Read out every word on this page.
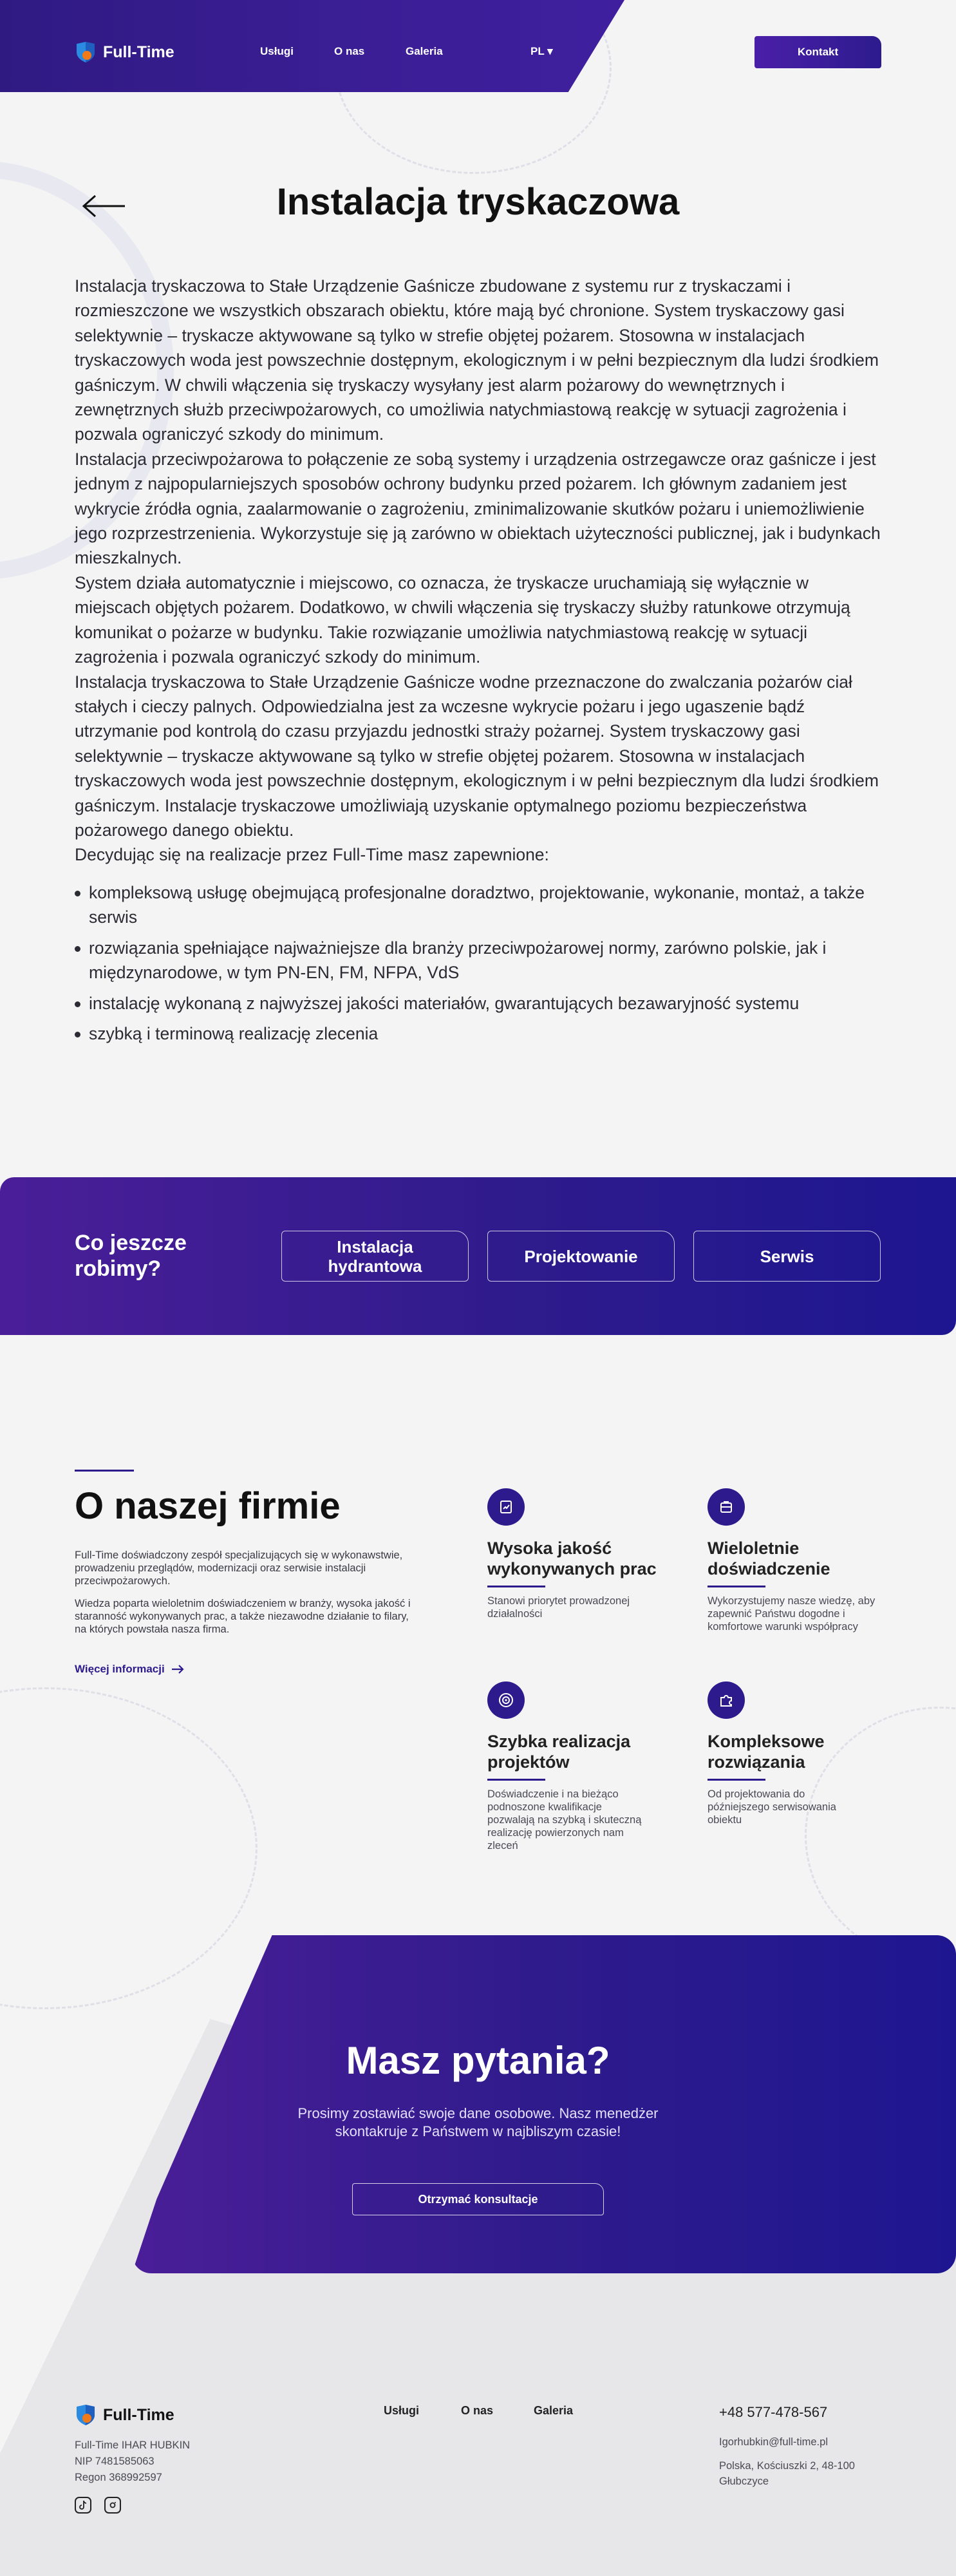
Full-Time	Usługi	O nas	Galeria	PL ▾	Kontakt
Instalacja tryskaczowa

Instalacja tryskaczowa to Stałe Urządzenie Gaśnicze zbudowane z systemu rur z tryskaczami i rozmieszczone we wszystkich obszarach obiektu, które mają być chronione. System tryskaczowy gasi selektywnie – tryskacze aktywowane są tylko w strefie objętej pożarem. Stosowna w instalacjach tryskaczowych woda jest powszechnie dostępnym, ekologicznym i w pełni bezpiecznym dla ludzi środkiem gaśniczym. W chwili włączenia się tryskaczy wysyłany jest alarm pożarowy do wewnętrznych i zewnętrznych służb przeciwpożarowych, co umożliwia natychmiastową reakcję w sytuacji zagrożenia i pozwala ograniczyć szkody do minimum.

Instalacja przeciwpożarowa to połączenie ze sobą systemy i urządzenia ostrzegawcze oraz gaśnicze i jest jednym z najpopularniejszych sposobów ochrony budynku przed pożarem. Ich głównym zadaniem jest wykrycie źródła ognia, zaalarmowanie o zagrożeniu, zminimalizowanie skutków pożaru i uniemożliwienie jego rozprzestrzenienia. Wykorzystuje się ją zarówno w obiektach użyteczności publicznej, jak i budynkach mieszkalnych.

System działa automatycznie i miejscowo, co oznacza, że tryskacze uruchamiają się wyłącznie w miejscach objętych pożarem. Dodatkowo, w chwili włączenia się tryskaczy służby ratunkowe otrzymują komunikat o pożarze w budynku. Takie rozwiązanie umożliwia natychmiastową reakcję w sytuacji zagrożenia i pozwala ograniczyć szkody do minimum.

Instalacja tryskaczowa to Stałe Urządzenie Gaśnicze wodne przeznaczone do zwalczania pożarów ciał stałych i cieczy palnych. Odpowiedzialna jest za wczesne wykrycie pożaru i jego ugaszenie bądź utrzymanie pod kontrolą do czasu przyjazdu jednostki straży pożarnej. System tryskaczowy gasi selektywnie – tryskacze aktywowane są tylko w strefie objętej pożarem. Stosowna w instalacjach tryskaczowych woda jest powszechnie dostępnym, ekologicznym i w pełni bezpiecznym dla ludzi środkiem gaśniczym. Instalacje tryskaczowe umożliwiają uzyskanie optymalnego poziomu bezpieczeństwa pożarowego danego obiektu.

Decydując się na realizacje przez Full-Time masz zapewnione:

kompleksową usługę obejmującą profesjonalne doradztwo, projektowanie, wykonanie, montaż, a także serwis
rozwiązania spełniające najważniejsze dla branży przeciwpożarowej normy, zarówno polskie, jak i międzynarodowe, w tym PN-EN, FM, NFPA, VdS
instalację wykonaną z najwyższej jakości materiałów, gwarantujących bezawaryjność systemu
szybką i terminową realizację zlecenia
Co jeszcze robimy?
Instalacja hydrantowa	Projektowanie	Serwis
O naszej firmie

Full-Time doświadczony zespół specjalizujących się w wykonawstwie, prowadzeniu przeglądów, modernizacji oraz serwisie instalacji przeciwpożarowych.

Wiedza poparta wieloletnim doświadczeniem w branży, wysoka jakość i staranność wykonywanych prac, a także niezawodne działanie to filary, na których powstała nasza firma.

Więcej informacji
Wysoka jakość wykonywanych prac
Stanowi priorytet prowadzonej działalności
Wieloletnie doświadczenie
Wykorzystujemy nasze wiedzę, aby zapewnić Państwu dogodne i komfortowe warunki współpracy
Szybka realizacja projektów
Doświadczenie i na bieżąco podnoszone kwalifikacje pozwalają na szybką i skuteczną realizację powierzonych nam zleceń
Kompleksowe rozwiązania
Od projektowania do późniejszego serwisowania obiektu
Masz pytania?

Prosimy zostawiać swoje dane osobowe. Nasz menedżer skontakruje z Państwem w najbliszym czasie!

Otrzymać konsultacje
Full-Time
Full-Time IHAR HUBKIN
NIP 7481585063
Regon 368992597
Usługi	O nas	Galeria	+48 577-478-567
Igorhubkin@full-time.pl
Polska, Kościuszki 2, 48-100 Głubczyce
